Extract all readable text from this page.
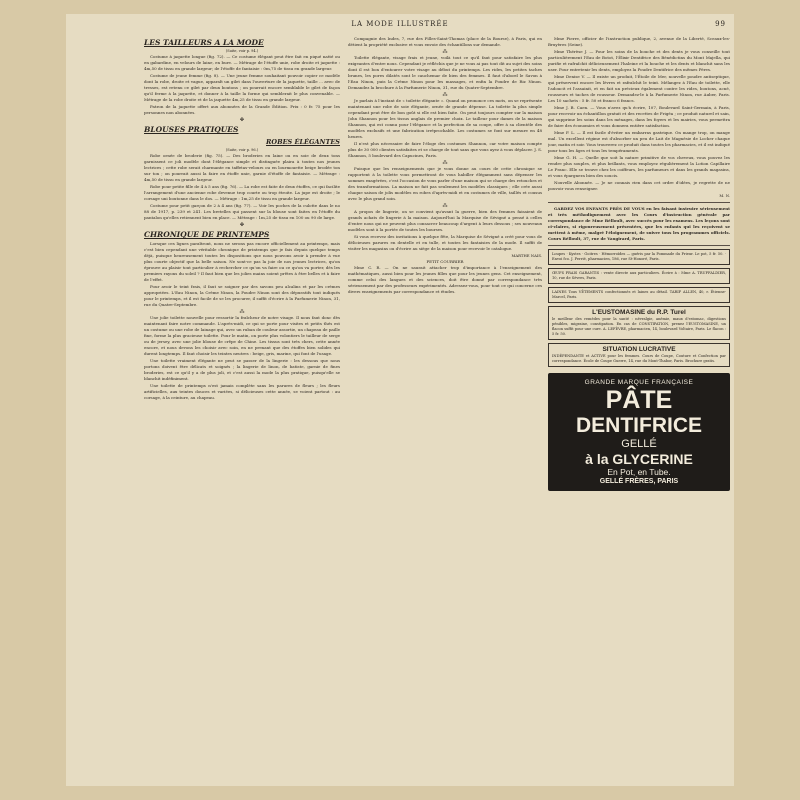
LA MODE ILLUSTRÉE	99
LES TAILLEURS A LA MODE
(Suite, voir p. 94.)

Costume à jaquette longue (fig. 72). — Ce costume élégant peut être fait en piqué natté ou en gabardine, en velours de laine, en bure. — Métrage de l'étoffe unie, robe droite et jaquette : 4m,50 de tissu en grande largeur; de l'étoffe de fantaisie : 0m,75 de tissu en grande largeur.

Costume de jeune femme (fig. 8). — Une jeune femme souhaitant pouvoir copier ce modèle dont la robe, droite et vague, apparaît un gilet dans l'ouverture de la jaquette, taille ... avec de tresses, est retenu ce gilet par deux boutons ; on pourrait encore semblable le gilet de façon qu'il ferme à la jaquette, et donner à la taille la forme qui semblerait le plus convenable. — Métrage de la robe droite et de la jaquette 4m,25 de tissu en grande largeur.

Patron de la jaquette offert aux abonnées de la Grande Édition. Prix : 0 fr. 75 pour les personnes non abonnées.

✤
BLOUSES PRATIQUES
ROBES ÉLÉGANTES
(Suite, voir p. 96.)

Robe ornée de broderie (fig. 75). — Des broderies en laine ou en soie de deux tons garnissent ce joli modèle dont l'élégance simple et distinguée plaira à toutes nos jeunes lectrices ; cette robe serait charmante en taffetas-velours ou en lourmouette beige brodée ton sur ton ; on pourrait aussi la faire en étoffe unie, garnie d'étoffe de fantaisie. — Métrage : 4m,50 de tissu en grande largeur.

Robe pour petite fille de 4 à 5 ans (fig. 76). — La robe est faite de deux étoffes, ce qui facilite l'arrangement d'une ancienne robe devenue trop courte ou trop étroite. La jupe est droite ; le corsage uni boutonne dans le dos. — Métrage : 1m,25 de tissu en grande largeur.

Costume pour petit garçon de 2 à 4 ans (fig. 77). — Voir les poches de la culotte dans le no 88 de 1917, p. 239 et 241. Les bretelles qui passent sur la blouse sont faites en l'étoffe du pantalon qu'elles retiennent bien en place. — Métrage : 1m,25 de tissu en 100 ou 90 de large.

✤
CHRONIQUE DE PRINTEMPS

Lorsque ces lignes paraîtront, nous ne serons pas encore officiellement au printemps, mais c'est bien cependant une véritable chronique de printemps que je fais depuis quelque temps déjà, puisque heureusement toutes les dispositions que nous pouvons avoir à prendre à vue plus courte objectif que la belle saison. Ne sont-ce pas la joie de nos jeunes lectrices, qu'on éprouve au plaisir tout particulier à rechercher ce qu'on va faire ou ce qu'on va porter, dès les premiers rayons du soleil ? Il faut bien que les jolies mains soient prêtes à être belles et à faire de l'effet.

Pour avoir le teint frais, il faut se soigner par des savons peu alcalins et par les crèmes appropriées. L'Eau Ninon, la Crème Ninon, la Poudre Ninon sont des dépuratifs tout indiqués pour le printemps, et il est facile de se les procurer, il suffit d'écrire à la Parfumerie Ninon, 31, rue du Quatre-Septembre.

⁂

Une jolie toilette nouvelle pour ressortir la fraîcheur de notre visage. Il nous faut donc dès maintenant faire notre commande. L'après-midi, ce qui se porte pour visites et petits thés est un costume ou une robe de lainage qui, avec un ruban de couleur assortie, un chapeau de paille fine, forme la plus gracieuse toilette. Pour le matin, on porte plus volontiers le tailleur de serge ou de jersey, avec une jolie blouse de crêpe de Chine. Les tissus sont très chers, cette année encore, et nous devons les choisir avec soin, en ne prenant que des étoffes bien solides qui durent longtemps. Il faut choisir les teintes neutres : beige, gris, marine, qui font de l'usage.

Une toilette vraiment élégante ne peut se passer de la lingerie : les dessous que nous portons doivent être délicats et soignés ; la lingerie de linon, de batiste, garnie de fines broderies, est ce qu'il y a de plus joli, et c'est aussi la mode la plus pratique, puisqu'elle se blanchit indéfiniment.

Une toilette de printemps n'est jamais complète sans les parures de fleurs ; les fleurs artificielles, aux teintes douces et variées, si délicieuses cette année, se voient partout : au corsage, à la ceinture, au chapeau.

Compagnie des Indes, 7, rue des Filles-Saint-Thomas (place de la Bourse), à Paris, qui en détient la propriété exclusive et vous envoie des échantillons sur demande.

⁂

Toilette élégante, visage frais et jeune, voilà tout ce qu'il faut pour satisfaire les plus exigeantes d'entre nous. Cependant je réfléchis que je ne vous ai pas tout dit au sujet des soins dont il est bon d'entourer votre visage au début du printemps. Les rides, les petites taches brunes, les pores dilatés sont le cauchemar de bien des femmes. Il faut d'abord le Savon à l'Eau Ninon, puis la Crème Ninon pour les massages, et enfin la Poudre de Riz Ninon. Demandez la brochure à la Parfumerie Ninon, 31, rue du Quatre-Septembre.

⁂

Je parlais à l'instant de « toilette élégante ». Quand on prononce ces mots, on se représente maintenant une robe de soie élégante, ornée de grande dépense. La toilette la plus simple cependant peut être de bon goût si elle est bien faite. On peut toujours compter sur la maison John Shannon pour les tissus anglais de premier choix. Le tailleur pour dames de la maison Shannon, qui est connu pour l'élégance et la perfection de sa coupe, offre à sa clientèle des modèles exclusifs et une fabrication irréprochable. Les costumes se font sur mesure en 48 heures.

Il n'est plus nécessaire de faire l'éloge des costumes Shannon, car votre maison compte plus de 30 000 clientes satisfaites et se charge de tout sans que vous ayez à vous déplacer. J. S. Shannon, 5 boulevard des Capucines, Paris.

⁂

Puisque que les renseignements que je vous donne au cours de cette chronique se rapportent à la toilette vous permettront de vous habiller élégamment sans dépenser les sommes exagérées, c'est l'occasion de vous parler d'une maison qui se charge des retouches et des transformations. La maison ne fait pas seulement les modèles classiques ; elle crée aussi chaque saison de jolis modèles en robes d'après-midi et en costumes de ville, taillés et cousus avec le plus grand soin.

⁂

A propos de lingerie, on se convient qu'avant la guerre, bien des femmes faisaient de grands achats de lingerie à la maison. Aujourd'hui la Marquise de Sévigné a pensé à celles d'entre nous qui ne peuvent plus consacrer beaucoup d'argent à leurs dessous ; ses nouveaux modèles sont à la portée de toutes les bourses.

Si vous recevez des invitations à quelque fête, la Marquise de Sévigné a créé pour vous de délicieuses parures en dentelle et en tulle, et toutes les fantaisies de la mode. Il suffit de visiter les magasins ou d'écrire au siège de la maison pour recevoir le catalogue.

MARTHE NAIS.
PETIT COURRIER

Mme C. R. — On ne saurait attacher trop d'importance à l'enseignement des mathématiques, aussi bien pour les jeunes filles que pour les jeunes gens. Cet enseignement, comme celui des langues et des sciences, doit être donné par correspondance très sérieusement par des professeurs expérimentés. Adressez-vous, pour tout ce qui concerne ces divers enseignements par correspondance et études.

Mme Pierre, officier de l'instruction publique, 2, avenue de la Liberté, Sceaux-les-Bruyères (Seine).

Mme Thérèse J. — Pour les soins de la bouche et des dents je vous conseille tout particulièrement l'Eau de Botot, l'Élixir Dentifrice des Bénédictins du Mont Majella, qui purifie et rafraîchit délicieusement l'haleine et la bouche et les dents et blanchit sans les user. Pour entretenir les dents, employez la Poudre Dentifrice des mêmes Pères.

Mme Denise V. — Il existe un produit, l'Étoile de Mer, nouvelle poudre antiseptique, qui préservent encore les lèvres et rafraîchit le teint. Mélangez à l'Eau de toilette, elle l'adoucit et l'assainit, et en fait un précieux également contre les rides, boutons, acné, rousseurs et taches de rousseur. Demandez-le à la Parfumerie Ninon, rue Auber, Paris. Les 10 sachets : 5 fr. 50 et franco 6 francs.

Mme J. B. Caen. — Vous n'avez qu'à écrire, 107, Boulevard Saint-Germain, à Paris, pour recevoir un échantillon gratuit et des recettes de Frigéa ; ce produit naturel et sain, qui supprime les soins dans les ménages, dans les foyers et les mairies, vous permettra de faire des économies et vous donnera entière satisfaction.

Mme F. L. — Il est facile d'éviter un embarras gastrique. On mange trop, on mange mal. Un excellent régime est d'absorber un peu de Lait de Magnésie de Locher chaque jour, matin et soir. Vous trouverez ce produit dans toutes les pharmacies, et il est indiqué pour tous les âges et tous les tempéraments.

Mme G. H. — Quelle que soit la nature primitive de vos cheveux, vous pouvez les rendre plus souples, et plus brillants, vous employez régulièrement la Lotion Capillaire Le Franc. Elle se trouve chez les coiffeurs, les parfumeurs et dans les grands magasins, et vous épargnera bien des soucis.

Nouvelle Abonnée. — Je ne connais rien dans cet ordre d'idées, je regrette de ne pouvoir vous renseigner.

M. N.

GARDEZ VOS ENFANTS PRÈS DE VOUS en les faisant instruire sérieusement et très méthodiquement avec les Cours d'instruction générale par correspondance de Mme Bélloult, avec succès pour les examens. Les leçons sont ci-claires, si rigoureusement présentées, que les enfants qui les reçoivent se mettent à même, malgré l'éloignement, de suivre tous les programmes officiels. Cours Bélloult, 37, rue de Vaugirard, Paris.

Loupes · Kystes · Goitres · Hémorroïdes — guéris par la Pommade du Prieur. Le pot, 5 fr. 50. · Envoi fco. J. Ferrié, pharmacien, 186, rue St-Honoré, Paris.
ŒUFS FRAIS GARANTIS : vente directe aux particuliers. Écrire à : Mme A. TRUFFALDIER, 10, rue de Sèvres, Paris.
LAINES Tous VÊTEMENTS confectionnés et laines au détail. TARIF ALLEN, 40, r. Étienne-Marcel, Paris.
L'EUSTOMASINE du R.P. Turel
le meilleur des remèdes pour la santé : névralgie, anémie, maux d'estomac, digestions pénibles, migraine, constipation. En cas de CONSTIPATION, prenez l'EUSTOMASINE, un flacon suffit pour une cure. A. LEFÈVRE, pharmacien, 14, boulevard Voltaire, Paris. Le flacon : 5 fr. 50.
SITUATION LUCRATIVE
INDÉPENDANTE et ACTIVE pour les femmes. Cours de Coupe, Couture et Confection par correspondance. École de Coupe Guerre, 14, rue du Mont-Thabor, Paris. Brochure gratis.
GRANDE MARQUE FRANÇAISE
PÂTE
DENTIFRICE
GELLÉ
à la GLYCERINE
En Pot, en Tube.
GELLÉ FRÈRES, PARIS
